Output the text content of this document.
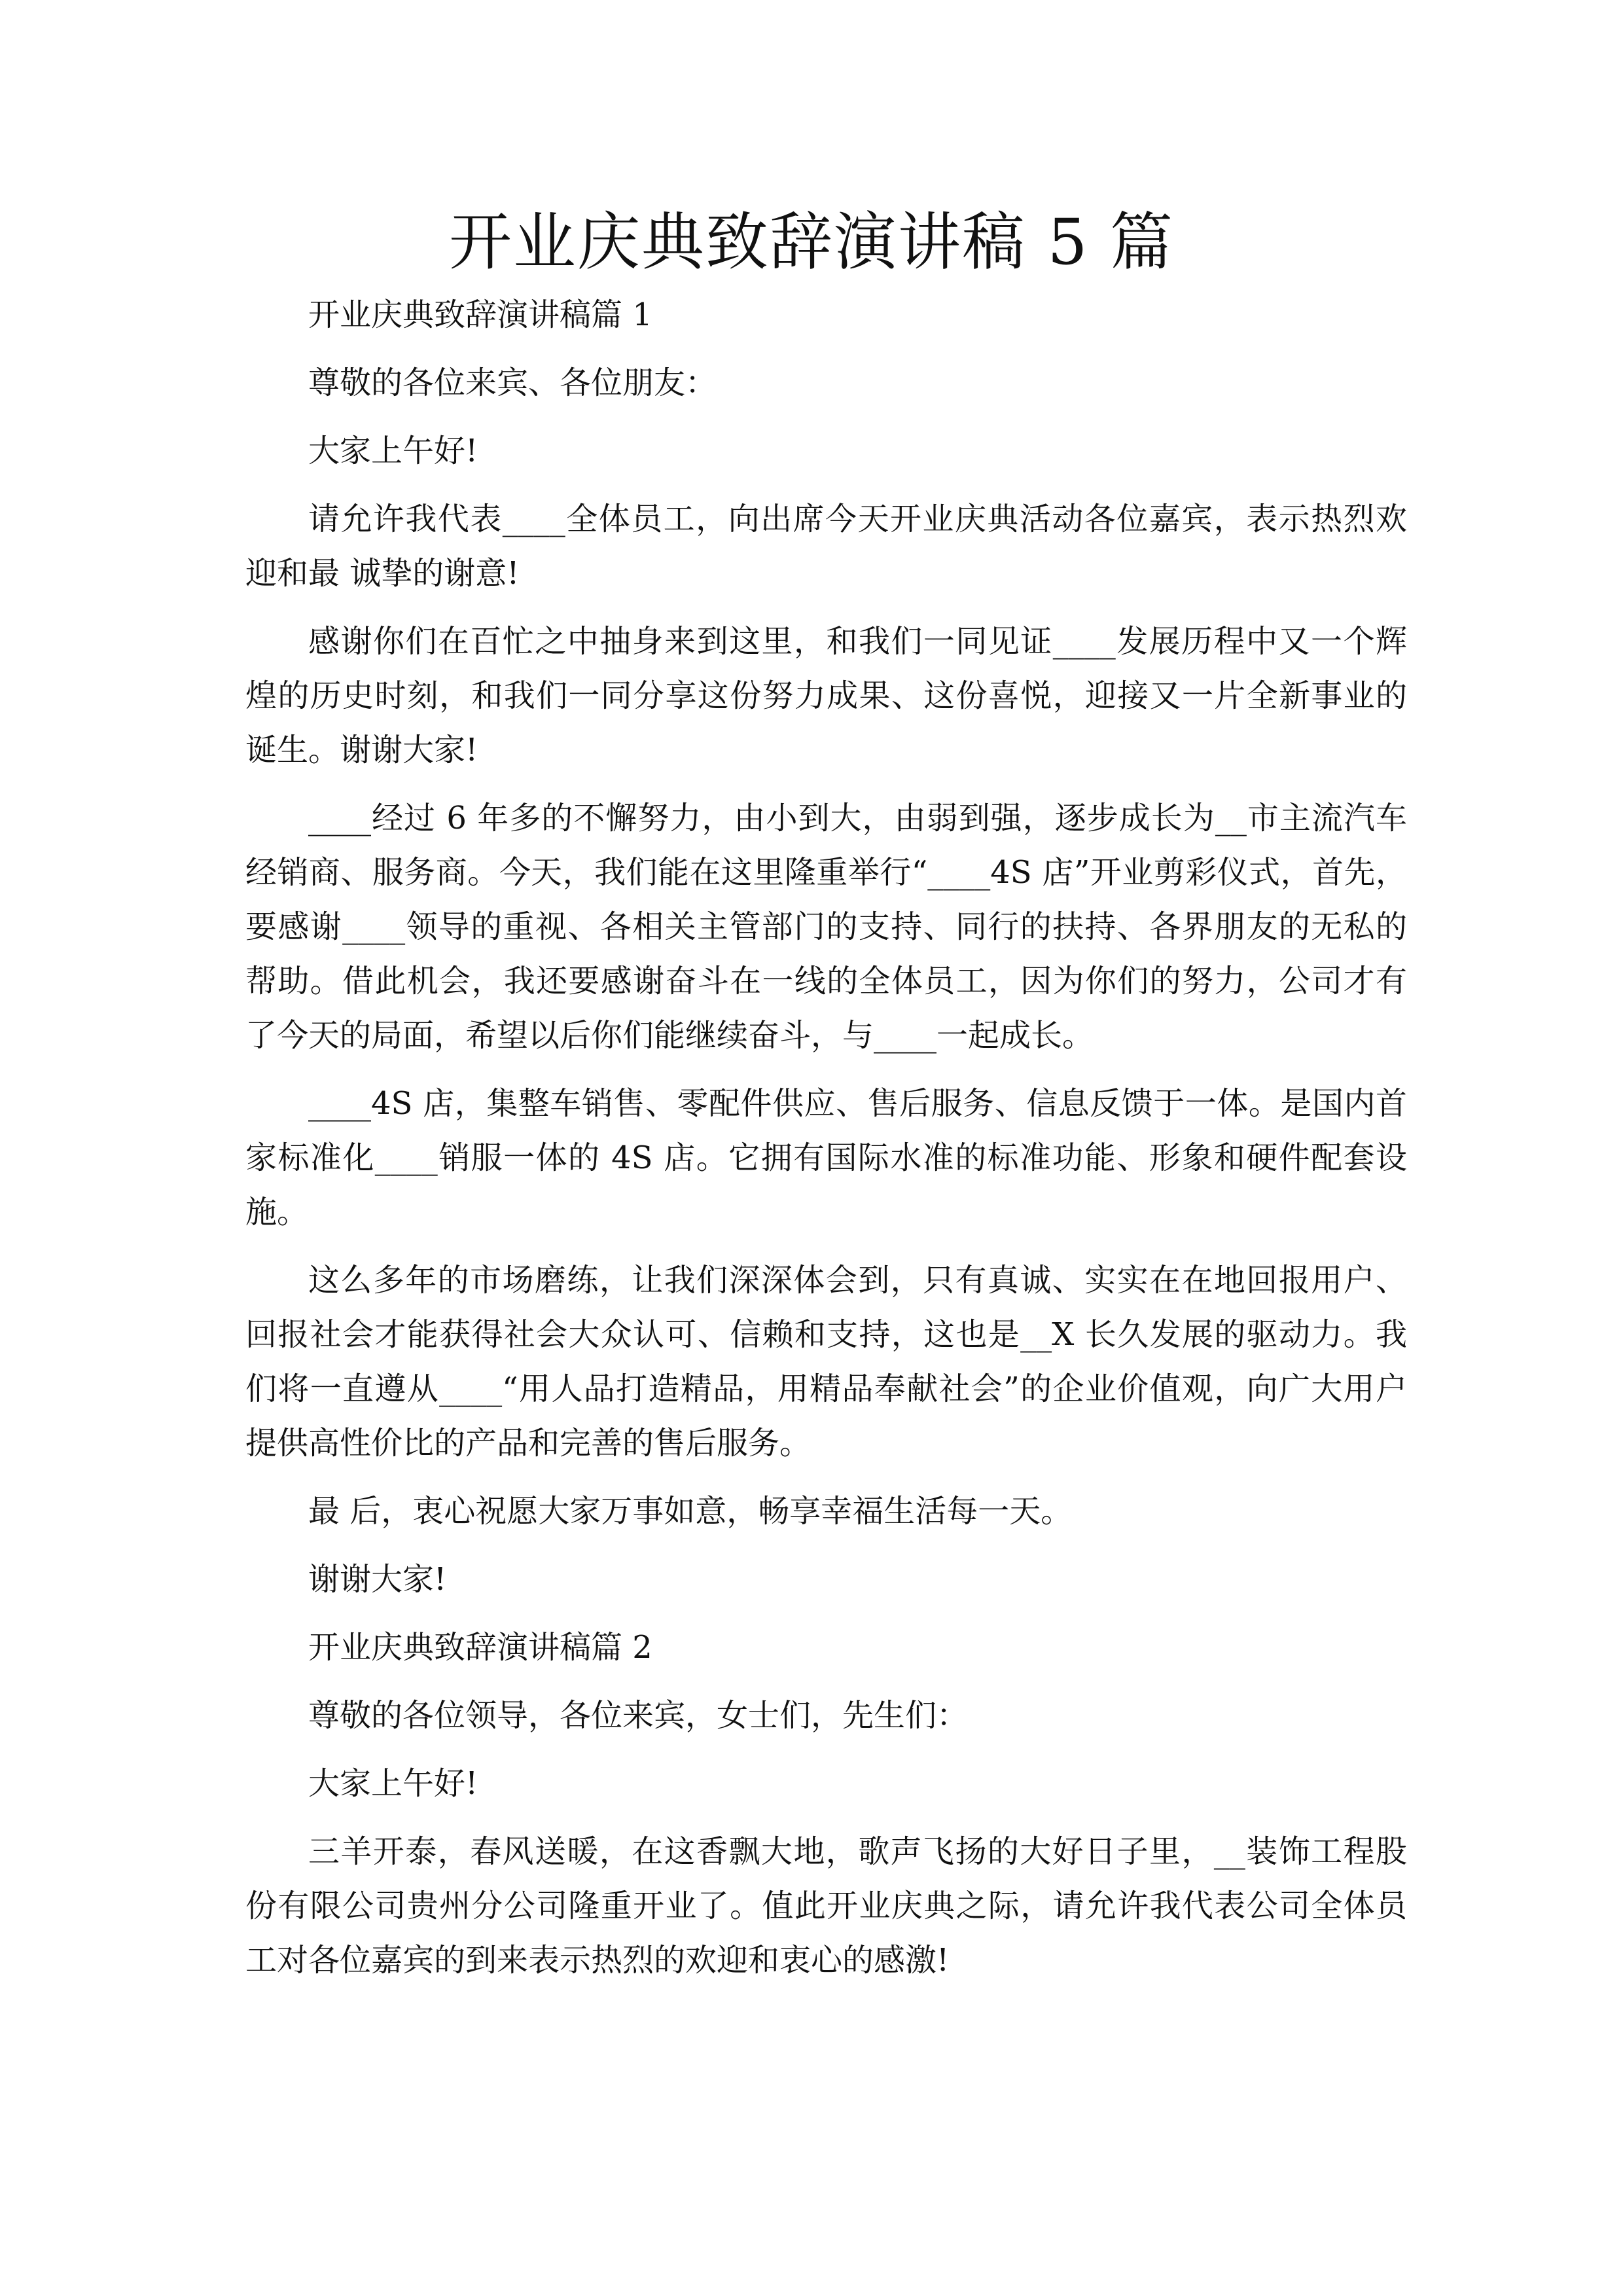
开业庆典致辞演讲稿 5 篇

开业庆典致辞演讲稿篇 1

尊敬的各位来宾、各位朋友：

大家上午好!

请允许我代表____全体员工，向出席今天开业庆典活动各位嘉宾，表示热烈欢迎和最 诚挚的谢意!

感谢你们在百忙之中抽身来到这里，和我们一同见证____发展历程中又一个辉煌的历史时刻，和我们一同分享这份努力成果、这份喜悦，迎接又一片全新事业的诞生。谢谢大家!

____经过 6 年多的不懈努力，由小到大，由弱到强，逐步成长为__市主流汽车经销商、服务商。今天，我们能在这里隆重举行“____4S 店”开业剪彩仪式，首先，要感谢____领导的重视、各相关主管部门的支持、同行的扶持、各界朋友的无私的帮助。借此机会，我还要感谢奋斗在一线的全体员工，因为你们的努力，公司才有了今天的局面，希望以后你们能继续奋斗，与____一起成长。

____4S 店，集整车销售、零配件供应、售后服务、信息反馈于一体。是国内首家标准化____销服一体的 4S 店。它拥有国际水准的标准功能、形象和硬件配套设施。

这么多年的市场磨练，让我们深深体会到，只有真诚、实实在在地回报用户、回报社会才能获得社会大众认可、信赖和支持，这也是__X 长久发展的驱动力。我们将一直遵从____“用人品打造精品，用精品奉献社会”的企业价值观，向广大用户提供高性价比的产品和完善的售后服务。

最 后，衷心祝愿大家万事如意，畅享幸福生活每一天。

谢谢大家!

开业庆典致辞演讲稿篇 2

尊敬的各位领导，各位来宾，女士们，先生们：

大家上午好!

三羊开泰，春风送暖，在这香飘大地，歌声飞扬的大好日子里，__装饰工程股份有限公司贵州分公司隆重开业了。值此开业庆典之际，请允许我代表公司全体员工对各位嘉宾的到来表示热烈的欢迎和衷心的感激!
